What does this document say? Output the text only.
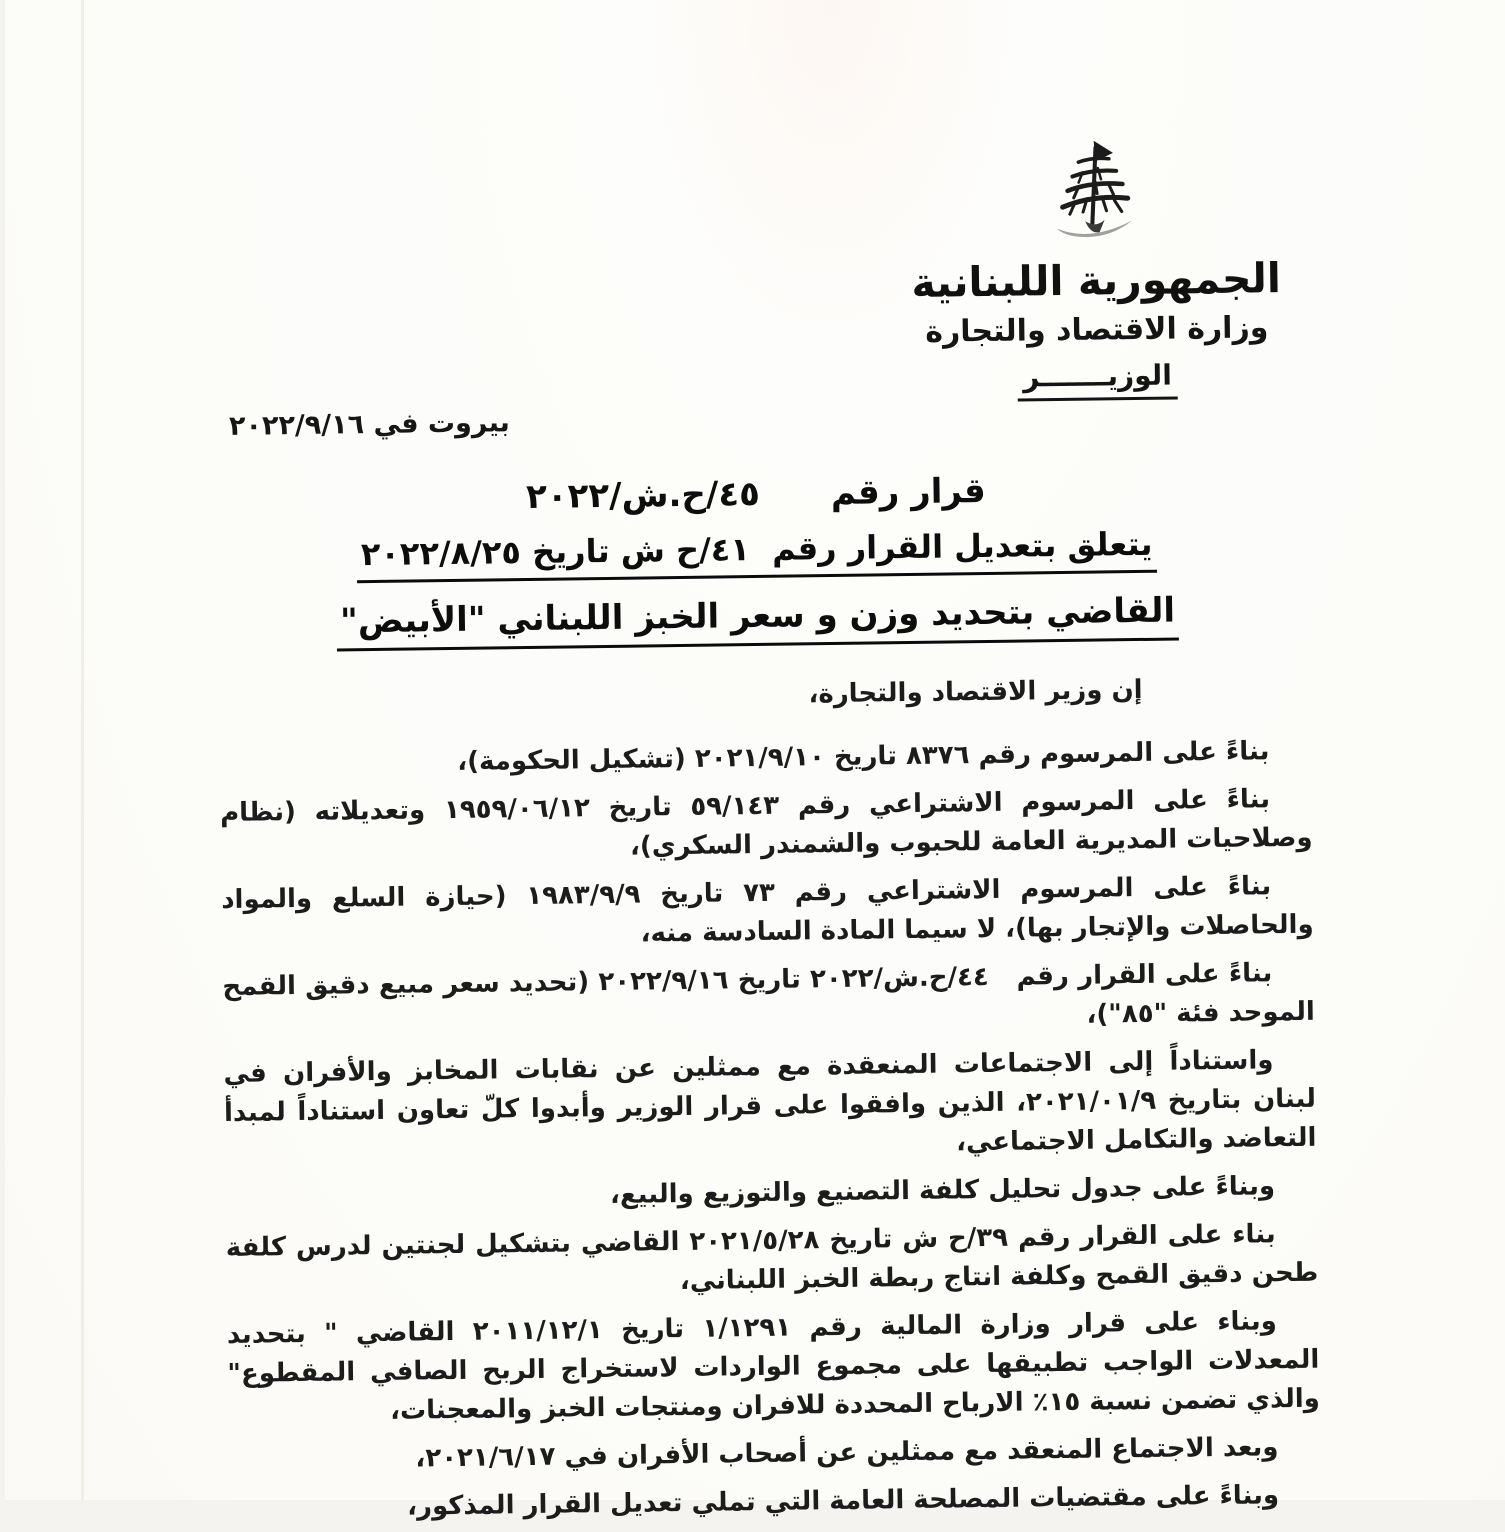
الجمهورية اللبنانية
وزارة الاقتصاد والتجارة
الوزيـــــــر
بيروت في ٢٠٢٢/٩/١٦
قرار رقم      ٤٥/ح.ش/٢٠٢٢
يتعلق بتعديل القرار رقم  ٤١/ح ش تاريخ ٢٠٢٢/٨/٢٥
القاضي بتحديد وزن و سعر الخبز اللبناني "الأبيض"

إن وزير الاقتصاد والتجارة،

بناءً على المرسوم رقم ٨٣٧٦ تاريخ ٢٠٢١/٩/١٠ (تشكيل الحكومة)،

بناءً على المرسوم الاشتراعي رقم ٥٩/١٤٣ تاريخ ١٩٥٩/٠٦/١٢ وتعديلاته (نظام وصلاحيات المديرية العامة للحبوب والشمندر السكري)،

بناءً على المرسوم الاشتراعي رقم ٧٣ تاريخ ١٩٨٣/٩/٩ (حيازة السلع والمواد والحاصلات والإتجار بها)، لا سيما المادة السادسة منه،

بناءً على القرار رقم   ٤٤/ح.ش/٢٠٢٢ تاريخ ٢٠٢٢/٩/١٦ (تحديد سعر مبيع دقيق القمح الموحد فئة "٨٥")،

واستناداً إلى الاجتماعات المنعقدة مع ممثلين عن نقابات المخابز والأفران في لبنان بتاريخ ٢٠٢١/٠١/٩، الذين وافقوا على قرار الوزير وأبدوا كلّ تعاون استناداً لمبدأ التعاضد والتكامل الاجتماعي،

وبناءً على جدول تحليل كلفة التصنيع والتوزيع والبيع،

بناء على القرار رقم ٣٩/ح ش تاريخ ٢٠٢١/٥/٢٨ القاضي بتشكيل لجنتين لدرس كلفة طحن دقيق القمح وكلفة انتاج ربطة الخبز اللبناني،

وبناء على قرار وزارة المالية رقم ١/١٢٩١ تاريخ ٢٠١١/١٢/١ القاضي " بتحديد المعدلات الواجب تطبيقها على مجموع الواردات لاستخراج الربح الصافي المقطوع" والذي تضمن نسبة ١٥٪ الارباح المحددة للافران ومنتجات الخبز والمعجنات،

وبعد الاجتماع المنعقد مع ممثلين عن أصحاب الأفران في ٢٠٢١/٦/١٧،

وبناءً على مقتضيات المصلحة العامة التي تملي تعديل القرار المذكور،
